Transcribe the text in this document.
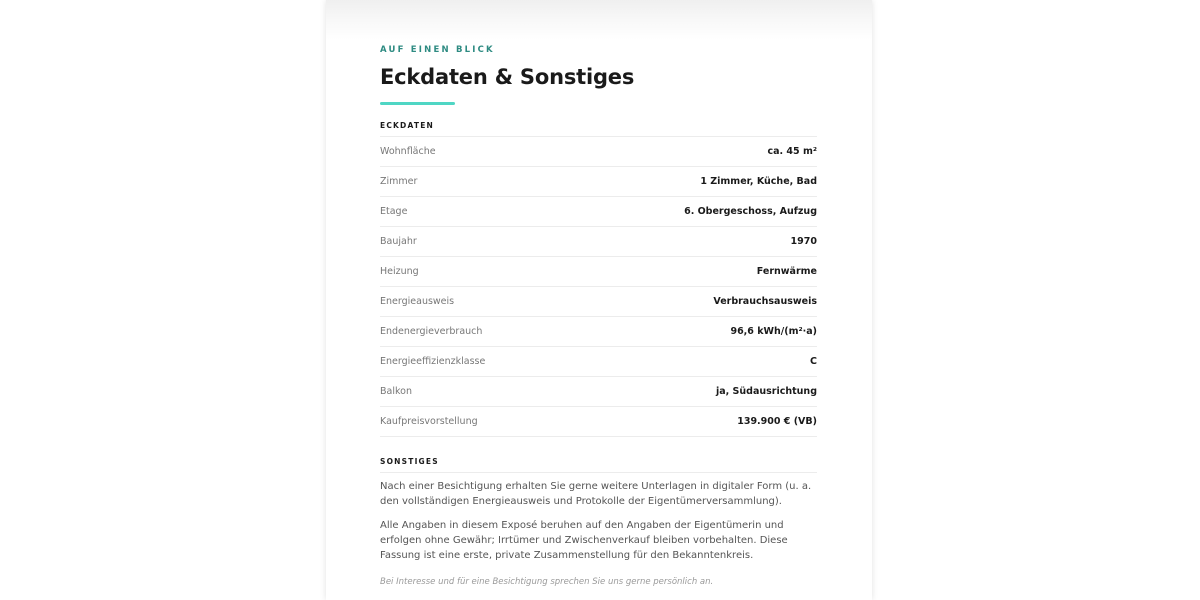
AUF EINEN BLICK

Eckdaten & Sonstiges

ECKDATEN

Wohnfläche	ca. 45 m²
Zimmer	1 Zimmer, Küche, Bad
Etage	6. Obergeschoss, Aufzug
Baujahr	1970
Heizung	Fernwärme
Energieausweis	Verbrauchsausweis
Endenergieverbrauch	96,6 kWh/(m²·a)
Energieeffizienzklasse	C
Balkon	ja, Südausrichtung
Kaufpreisvorstellung	139.900 € (VB)

SONSTIGES

Nach einer Besichtigung erhalten Sie gerne weitere Unterlagen in digitaler Form (u. a. den vollständigen Energieausweis und Protokolle der Eigentümerversammlung).

Alle Angaben in diesem Exposé beruhen auf den Angaben der Eigentümerin und erfolgen ohne Gewähr; Irrtümer und Zwischenverkauf bleiben vorbehalten. Diese Fassung ist eine erste, private Zusammenstellung für den Bekanntenkreis.

Bei Interesse und für eine Besichtigung sprechen Sie uns gerne persönlich an.
